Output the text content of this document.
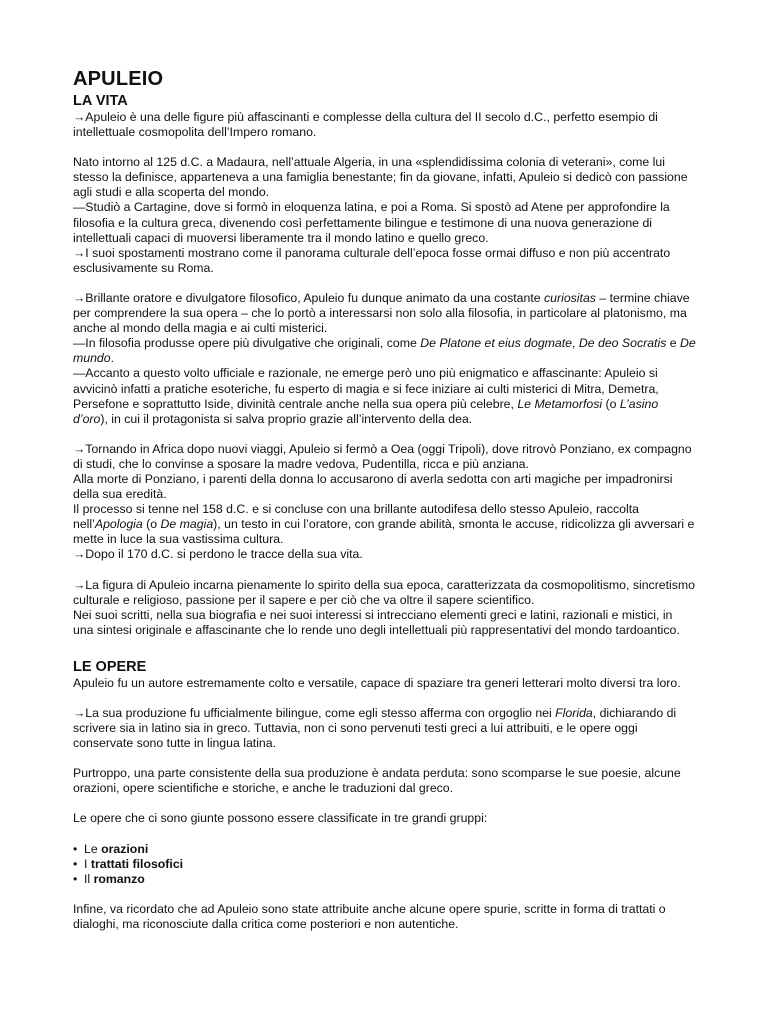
APULEIO
LA VITA

→Apuleio è una delle figure più affascinanti e complesse della cultura del II secolo d.C., perfetto esempio di intellettuale cosmopolita dell’Impero romano.

Nato intorno al 125 d.C. a Madaura, nell’attuale Algeria, in una «splendidissima colonia di veterani», come lui stesso la definisce, apparteneva a una famiglia benestante; fin da giovane, infatti, Apuleio si dedicò con passione agli studi e alla scoperta del mondo.

—Studiò a Cartagine, dove si formò in eloquenza latina, e poi a Roma. Si spostò ad Atene per approfondire la filosofia e la cultura greca, divenendo così perfettamente bilingue e testimone di una nuova generazione di intellettuali capaci di muoversi liberamente tra il mondo latino e quello greco.

→I suoi spostamenti mostrano come il panorama culturale dell’epoca fosse ormai diffuso e non più accentrato esclusivamente su Roma.

→Brillante oratore e divulgatore filosofico, Apuleio fu dunque animato da una costante curiositas – termine chiave per comprendere la sua opera – che lo portò a interessarsi non solo alla filosofia, in particolare al platonismo, ma anche al mondo della magia e ai culti misterici.

—In filosofia produsse opere più divulgative che originali, come De Platone et eius dogmate, De deo Socratis e De mundo.

—Accanto a questo volto ufficiale e razionale, ne emerge però uno più enigmatico e affascinante: Apuleio si avvicinò infatti a pratiche esoteriche, fu esperto di magia e si fece iniziare ai culti misterici di Mitra, Demetra, Persefone e soprattutto Iside, divinità centrale anche nella sua opera più celebre, Le Metamorfosi (o L’asino d’oro), in cui il protagonista si salva proprio grazie all’intervento della dea.

→Tornando in Africa dopo nuovi viaggi, Apuleio si fermò a Oea (oggi Tripoli), dove ritrovò Ponziano, ex compagno di studi, che lo convinse a sposare la madre vedova, Pudentilla, ricca e più anziana.

Alla morte di Ponziano, i parenti della donna lo accusarono di averla sedotta con arti magiche per impadronirsi della sua eredità.

Il processo si tenne nel 158 d.C. e si concluse con una brillante autodifesa dello stesso Apuleio, raccolta nell’Apologia (o De magia), un testo in cui l’oratore, con grande abilità, smonta le accuse, ridicolizza gli avversari e mette in luce la sua vastissima cultura.

→Dopo il 170 d.C. si perdono le tracce della sua vita.

→La figura di Apuleio incarna pienamente lo spirito della sua epoca, caratterizzata da cosmopolitismo, sincretismo culturale e religioso, passione per il sapere e per ciò che va oltre il sapere scientifico.

Nei suoi scritti, nella sua biografia e nei suoi interessi si intrecciano elementi greci e latini, razionali e mistici, in una sintesi originale e affascinante che lo rende uno degli intellettuali più rappresentativi del mondo tardoantico.

LE OPERE

Apuleio fu un autore estremamente colto e versatile, capace di spaziare tra generi letterari molto diversi tra loro.

→La sua produzione fu ufficialmente bilingue, come egli stesso afferma con orgoglio nei Florida, dichiarando di scrivere sia in latino sia in greco. Tuttavia, non ci sono pervenuti testi greci a lui attribuiti, e le opere oggi conservate sono tutte in lingua latina.

Purtroppo, una parte consistente della sua produzione è andata perduta: sono scomparse le sue poesie, alcune orazioni, opere scientifiche e storiche, e anche le traduzioni dal greco.

Le opere che ci sono giunte possono essere classificate in tre grandi gruppi:

• Le orazioni
• I trattati filosofici
• Il romanzo

Infine, va ricordato che ad Apuleio sono state attribuite anche alcune opere spurie, scritte in forma di trattati o dialoghi, ma riconosciute dalla critica come posteriori e non autentiche.
